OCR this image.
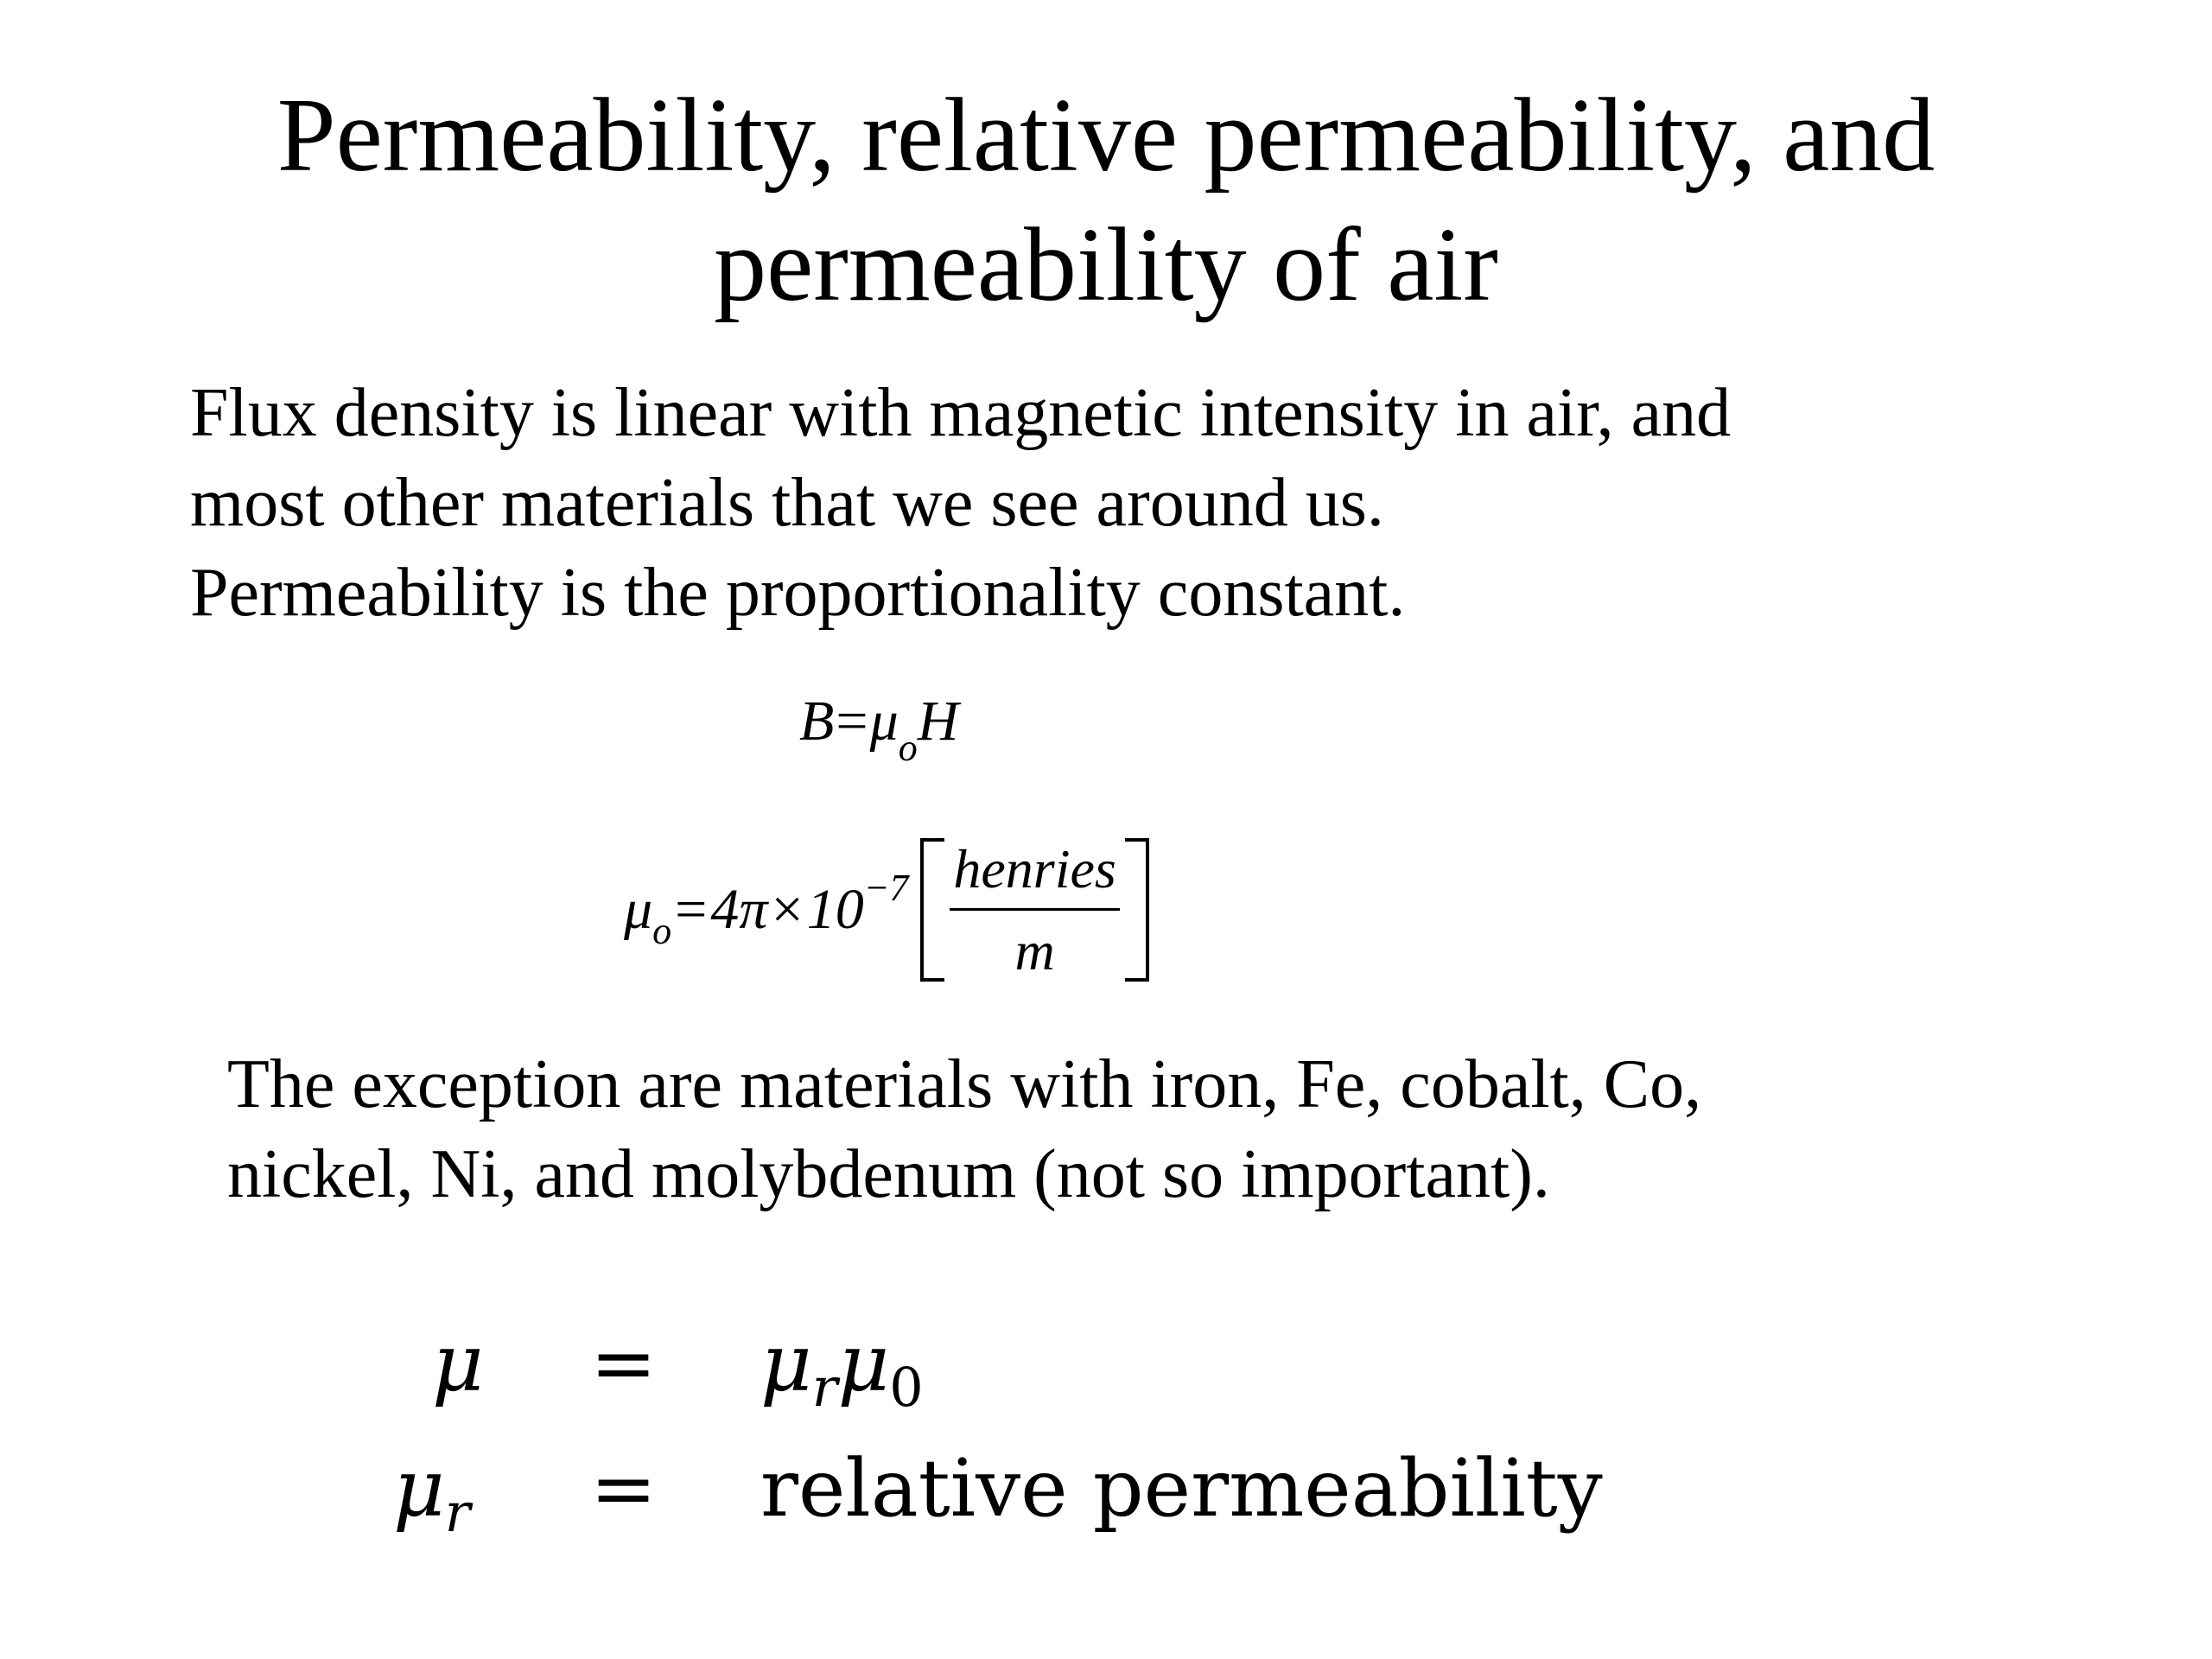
Permeability, relative permeability, and
permeability of air
Flux density is linear with magnetic intensity in air, and
most other materials that we see around us.
Permeability is the proportionality constant.
$B=\mu_oH$
μ $o = 4\pi \times 10 -7 \frac{\text{henries}}{m}$
The exception are materials with iron, Fe, cobalt, Co,
nickel, Ni, and molybdenum (not so important).
μ = μrμ0
μr = relative permeability
